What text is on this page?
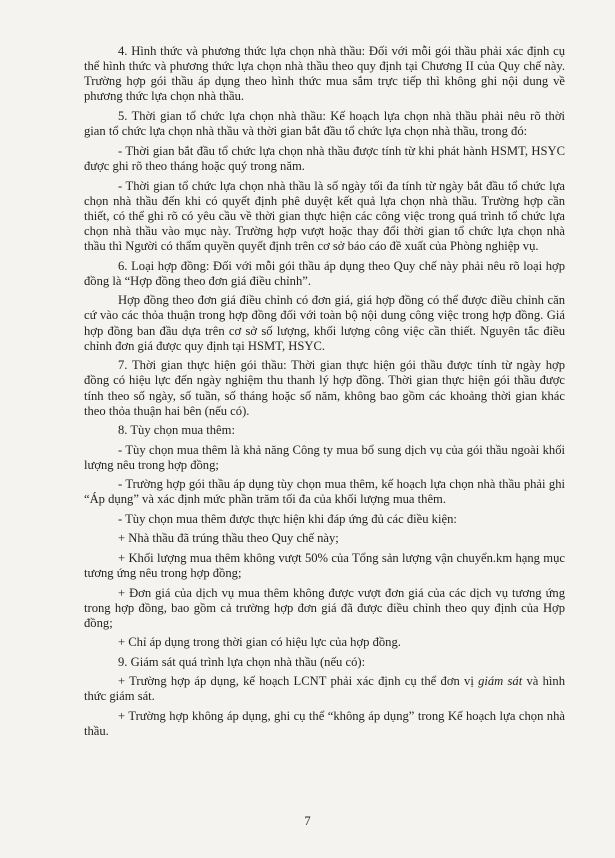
4. Hình thức và phương thức lựa chọn nhà thầu: Đối với mỗi gói thầu phải xác định cụ thể hình thức và phương thức lựa chọn nhà thầu theo quy định tại Chương II của Quy chế này. Trường hợp gói thầu áp dụng theo hình thức mua sắm trực tiếp thì không ghi nội dung về phương thức lựa chọn nhà thầu.

5. Thời gian tổ chức lựa chọn nhà thầu: Kế hoạch lựa chọn nhà thầu phải nêu rõ thời gian tổ chức lựa chọn nhà thầu và thời gian bắt đầu tổ chức lựa chọn nhà thầu, trong đó:

- Thời gian bắt đầu tổ chức lựa chọn nhà thầu được tính từ khi phát hành HSMT, HSYC được ghi rõ theo tháng hoặc quý trong năm.

- Thời gian tổ chức lựa chọn nhà thầu là số ngày tối đa tính từ ngày bắt đầu tổ chức lựa chọn nhà thầu đến khi có quyết định phê duyệt kết quả lựa chọn nhà thầu. Trường hợp cần thiết, có thể ghi rõ có yêu cầu về thời gian thực hiện các công việc trong quá trình tổ chức lựa chọn nhà thầu vào mục này. Trường hợp vượt hoặc thay đổi thời gian tổ chức lựa chọn nhà thầu thì Người có thẩm quyền quyết định trên cơ sở báo cáo đề xuất của Phòng nghiệp vụ.

6. Loại hợp đồng: Đối với mỗi gói thầu áp dụng theo Quy chế này phải nêu rõ loại hợp đồng là “Hợp đồng theo đơn giá điều chỉnh”.

Hợp đồng theo đơn giá điều chỉnh có đơn giá, giá hợp đồng có thể được điều chỉnh căn cứ vào các thỏa thuận trong hợp đồng đối với toàn bộ nội dung công việc trong hợp đồng. Giá hợp đồng ban đầu dựa trên cơ sở số lượng, khối lượng công việc cần thiết. Nguyên tắc điều chỉnh đơn giá được quy định tại HSMT, HSYC.

7. Thời gian thực hiện gói thầu: Thời gian thực hiện gói thầu được tính từ ngày hợp đồng có hiệu lực đến ngày nghiệm thu thanh lý hợp đồng. Thời gian thực hiện gói thầu được tính theo số ngày, số tuần, số tháng hoặc số năm, không bao gồm các khoảng thời gian khác theo thỏa thuận hai bên (nếu có).

8. Tùy chọn mua thêm:

- Tùy chọn mua thêm là khả năng Công ty mua bổ sung dịch vụ của gói thầu ngoài khối lượng nêu trong hợp đồng;

- Trường hợp gói thầu áp dụng tùy chọn mua thêm, kế hoạch lựa chọn nhà thầu phải ghi “Áp dụng” và xác định mức phần trăm tối đa của khối lượng mua thêm.

- Tùy chọn mua thêm được thực hiện khi đáp ứng đủ các điều kiện:

+ Nhà thầu đã trúng thầu theo Quy chế này;

+ Khối lượng mua thêm không vượt 50% của Tổng sản lượng vận chuyển.km hạng mục tương ứng nêu trong hợp đồng;

+ Đơn giá của dịch vụ mua thêm không được vượt đơn giá của các dịch vụ tương ứng trong hợp đồng, bao gồm cả trường hợp đơn giá đã được điều chỉnh theo quy định của Hợp đồng;

+ Chỉ áp dụng trong thời gian có hiệu lực của hợp đồng.

9. Giám sát quá trình lựa chọn nhà thầu (nếu có):

+ Trường hợp áp dụng, kế hoạch LCNT phải xác định cụ thể đơn vị giám sát và hình thức giám sát.

+ Trường hợp không áp dụng, ghi cụ thể “không áp dụng” trong Kế hoạch lựa chọn nhà thầu.

7
